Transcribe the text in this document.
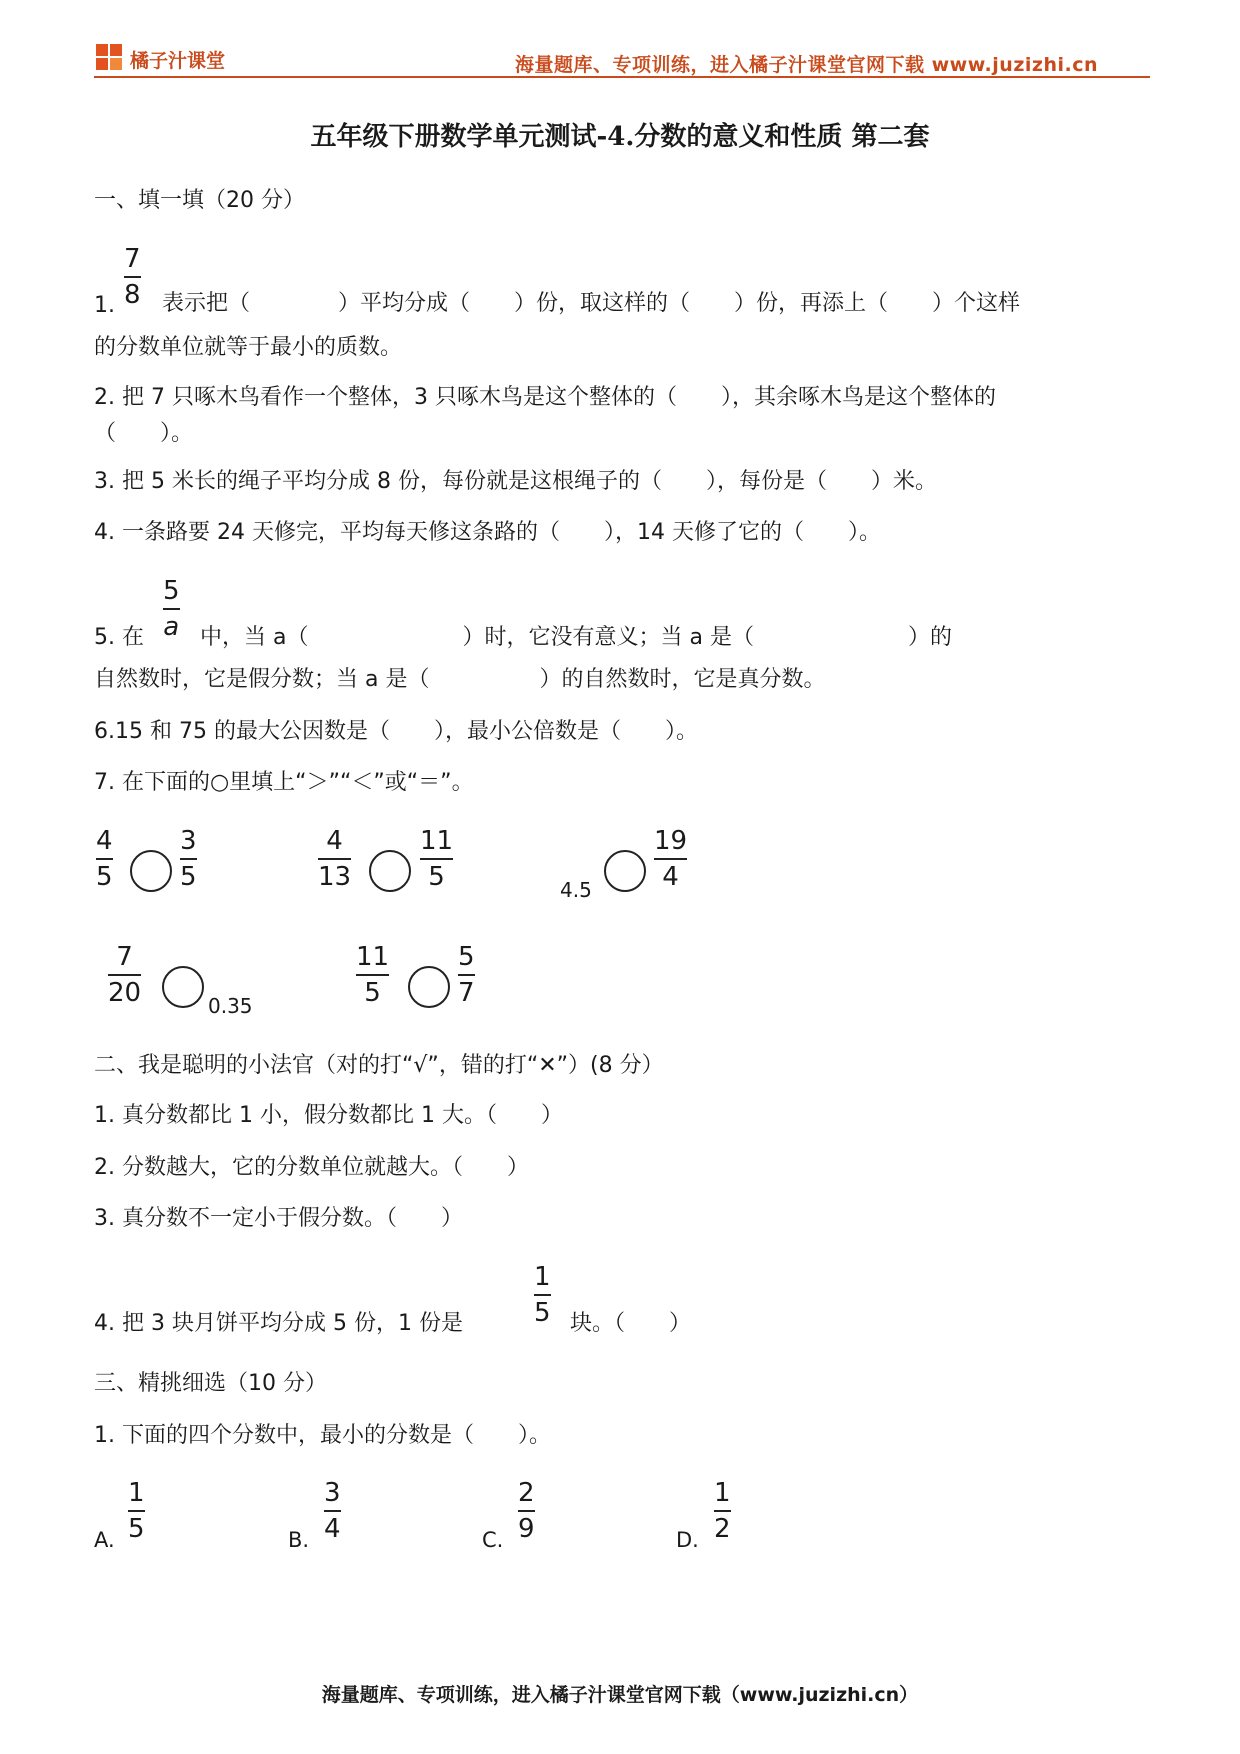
橘子汁课堂	海量题库、专项训练，进入橘子汁课堂官网下载 www.juzizhi.cn
五年级下册数学单元测试-4.分数的意义和性质 第二套
一、填一填（20 分）
1.
7
8 表示把（　　　　）平均分成（　　）份，取这样的（　　）份，再添上（　　）个这样
的分数单位就等于最小的质数。
2. 把 7 只啄木鸟看作一个整体，3 只啄木鸟是这个整体的（　　），其余啄木鸟是这个整体的
（　　）。
3. 把 5 米长的绳子平均分成 8 份，每份就是这根绳子的（　　），每份是（　　）米。
4. 一条路要 24 天修完，平均每天修这条路的（　　），14 天修了它的（　　）。
5. 在
5
a 中，当 a（　　　　　　　）时，它没有意义；当 a 是（　　　　　　　）的
自然数时，它是假分数；当 a 是（　　　　　）的自然数时，它是真分数。
6.15 和 75 的最大公因数是（　　），最小公倍数是（　　）。
7. 在下面的○里填上“＞”“＜”或“＝”。
4
5
3
5
4
13
11
5	4.5
19
4
7
20	0.35
11
5
5
7
二、我是聪明的小法官（对的打“√”，错的打“✕”）(8 分）
1. 真分数都比 1 小，假分数都比 1 大。（　　）
2. 分数越大，它的分数单位就越大。（　　）
3. 真分数不一定小于假分数。（　　）
4. 把 3 块月饼平均分成 5 份，1 份是
1
5 块。（　　）
三、精挑细选（10 分）
1. 下面的四个分数中，最小的分数是（　　）。
A.
1
5	B.
3
4	C.
2
9	D.
1
2
海量题库、专项训练，进入橘子汁课堂官网下载（www.juzizhi.cn）
